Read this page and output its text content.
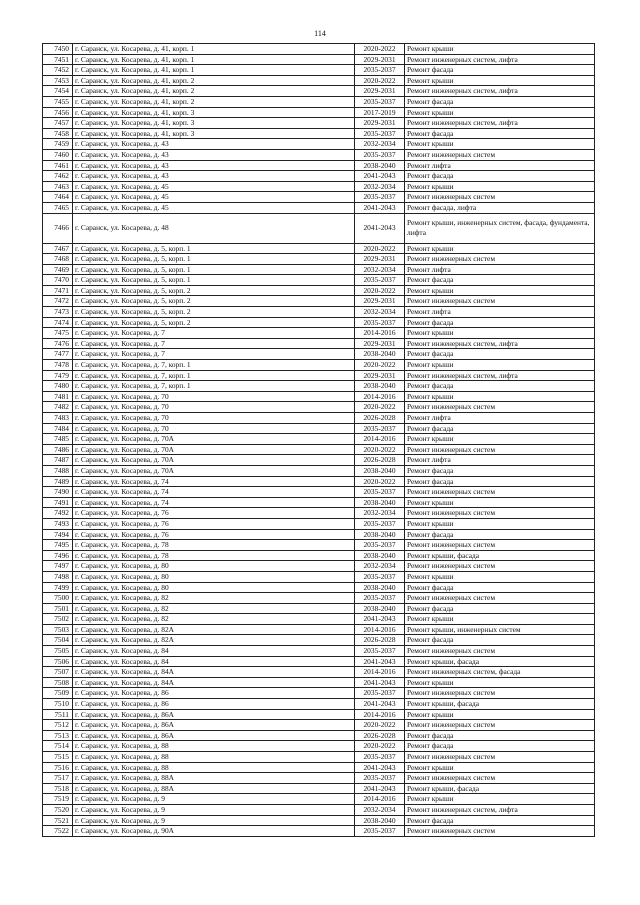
114
7450	г. Саранск, ул. Косарева, д. 41, корп. 1	2020-2022	Ремонт крыши
7451	г. Саранск, ул. Косарева, д. 41, корп. 1	2029-2031	Ремонт инженерных систем, лифта
7452	г. Саранск, ул. Косарева, д. 41, корп. 1	2035-2037	Ремонт фасада
7453	г. Саранск, ул. Косарева, д. 41, корп. 2	2020-2022	Ремонт крыши
7454	г. Саранск, ул. Косарева, д. 41, корп. 2	2029-2031	Ремонт инженерных систем, лифта
7455	г. Саранск, ул. Косарева, д. 41, корп. 2	2035-2037	Ремонт фасада
7456	г. Саранск, ул. Косарева, д. 41, корп. 3	2017-2019	Ремонт крыши
7457	г. Саранск, ул. Косарева, д. 41, корп. 3	2029-2031	Ремонт инженерных систем, лифта
7458	г. Саранск, ул. Косарева, д. 41, корп. 3	2035-2037	Ремонт фасада
7459	г. Саранск, ул. Косарева, д. 43	2032-2034	Ремонт крыши
7460	г. Саранск, ул. Косарева, д. 43	2035-2037	Ремонт инженерных систем
7461	г. Саранск, ул. Косарева, д. 43	2038-2040	Ремонт лифта
7462	г. Саранск, ул. Косарева, д. 43	2041-2043	Ремонт фасада
7463	г. Саранск, ул. Косарева, д. 45	2032-2034	Ремонт крыши
7464	г. Саранск, ул. Косарева, д. 45	2035-2037	Ремонт инженерных систем
7465	г. Саранск, ул. Косарева, д. 45	2041-2043	Ремонт фасада, лифта
7466	г. Саранск, ул. Косарева, д. 48	2041-2043	Ремонт крыши, инженерных систем, фасада, фундамента, лифта
7467	г. Саранск, ул. Косарева, д. 5, корп. 1	2020-2022	Ремонт крыши
7468	г. Саранск, ул. Косарева, д. 5, корп. 1	2029-2031	Ремонт инженерных систем
7469	г. Саранск, ул. Косарева, д. 5, корп. 1	2032-2034	Ремонт лифта
7470	г. Саранск, ул. Косарева, д. 5, корп. 1	2035-2037	Ремонт фасада
7471	г. Саранск, ул. Косарева, д. 5, корп. 2	2020-2022	Ремонт крыши
7472	г. Саранск, ул. Косарева, д. 5, корп. 2	2029-2031	Ремонт инженерных систем
7473	г. Саранск, ул. Косарева, д. 5, корп. 2	2032-2034	Ремонт лифта
7474	г. Саранск, ул. Косарева, д. 5, корп. 2	2035-2037	Ремонт фасада
7475	г. Саранск, ул. Косарева, д. 7	2014-2016	Ремонт крыши
7476	г. Саранск, ул. Косарева, д. 7	2029-2031	Ремонт инженерных систем, лифта
7477	г. Саранск, ул. Косарева, д. 7	2038-2040	Ремонт фасада
7478	г. Саранск, ул. Косарева, д. 7, корп. 1	2020-2022	Ремонт крыши
7479	г. Саранск, ул. Косарева, д. 7, корп. 1	2029-2031	Ремонт инженерных систем, лифта
7480	г. Саранск, ул. Косарева, д. 7, корп. 1	2038-2040	Ремонт фасада
7481	г. Саранск, ул. Косарева, д. 70	2014-2016	Ремонт крыши
7482	г. Саранск, ул. Косарева, д. 70	2020-2022	Ремонт инженерных систем
7483	г. Саранск, ул. Косарева, д. 70	2026-2028	Ремонт лифта
7484	г. Саранск, ул. Косарева, д. 70	2035-2037	Ремонт фасада
7485	г. Саранск, ул. Косарева, д. 70А	2014-2016	Ремонт крыши
7486	г. Саранск, ул. Косарева, д. 70А	2020-2022	Ремонт инженерных систем
7487	г. Саранск, ул. Косарева, д. 70А	2026-2028	Ремонт лифта
7488	г. Саранск, ул. Косарева, д. 70А	2038-2040	Ремонт фасада
7489	г. Саранск, ул. Косарева, д. 74	2020-2022	Ремонт фасада
7490	г. Саранск, ул. Косарева, д. 74	2035-2037	Ремонт инженерных систем
7491	г. Саранск, ул. Косарева, д. 74	2038-2040	Ремонт крыши
7492	г. Саранск, ул. Косарева, д. 76	2032-2034	Ремонт инженерных систем
7493	г. Саранск, ул. Косарева, д. 76	2035-2037	Ремонт крыши
7494	г. Саранск, ул. Косарева, д. 76	2038-2040	Ремонт фасада
7495	г. Саранск, ул. Косарева, д. 78	2035-2037	Ремонт инженерных систем
7496	г. Саранск, ул. Косарева, д. 78	2038-2040	Ремонт крыши, фасада
7497	г. Саранск, ул. Косарева, д. 80	2032-2034	Ремонт инженерных систем
7498	г. Саранск, ул. Косарева, д. 80	2035-2037	Ремонт крыши
7499	г. Саранск, ул. Косарева, д. 80	2038-2040	Ремонт фасада
7500	г. Саранск, ул. Косарева, д. 82	2035-2037	Ремонт инженерных систем
7501	г. Саранск, ул. Косарева, д. 82	2038-2040	Ремонт фасада
7502	г. Саранск, ул. Косарева, д. 82	2041-2043	Ремонт крыши
7503	г. Саранск, ул. Косарева, д. 82А	2014-2016	Ремонт крыши, инженерных систем
7504	г. Саранск, ул. Косарева, д. 82А	2026-2028	Ремонт фасада
7505	г. Саранск, ул. Косарева, д. 84	2035-2037	Ремонт инженерных систем
7506	г. Саранск, ул. Косарева, д. 84	2041-2043	Ремонт крыши, фасада
7507	г. Саранск, ул. Косарева, д. 84А	2014-2016	Ремонт инженерных систем, фасада
7508	г. Саранск, ул. Косарева, д. 84А	2041-2043	Ремонт крыши
7509	г. Саранск, ул. Косарева, д. 86	2035-2037	Ремонт инженерных систем
7510	г. Саранск, ул. Косарева, д. 86	2041-2043	Ремонт крыши, фасада
7511	г. Саранск, ул. Косарева, д. 86А	2014-2016	Ремонт крыши
7512	г. Саранск, ул. Косарева, д. 86А	2020-2022	Ремонт инженерных систем
7513	г. Саранск, ул. Косарева, д. 86А	2026-2028	Ремонт фасада
7514	г. Саранск, ул. Косарева, д. 88	2020-2022	Ремонт фасада
7515	г. Саранск, ул. Косарева, д. 88	2035-2037	Ремонт инженерных систем
7516	г. Саранск, ул. Косарева, д. 88	2041-2043	Ремонт крыши
7517	г. Саранск, ул. Косарева, д. 88А	2035-2037	Ремонт инженерных систем
7518	г. Саранск, ул. Косарева, д. 88А	2041-2043	Ремонт крыши, фасада
7519	г. Саранск, ул. Косарева, д. 9	2014-2016	Ремонт крыши
7520	г. Саранск, ул. Косарева, д. 9	2032-2034	Ремонт инженерных систем, лифта
7521	г. Саранск, ул. Косарева, д. 9	2038-2040	Ремонт фасада
7522	г. Саранск, ул. Косарева, д. 90А	2035-2037	Ремонт инженерных систем
